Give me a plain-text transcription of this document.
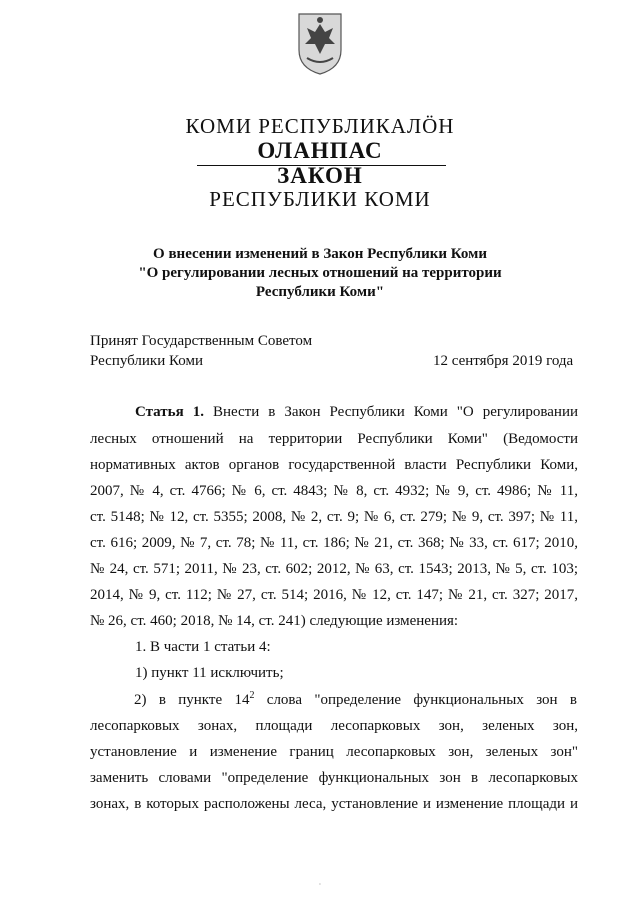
КОМИ РЕСПУБЛИКАЛӦН
ОЛАНПАС
ЗАКОН
РЕСПУБЛИКИ КОМИ
О внесении изменений в Закон Республики Коми
"О регулировании лесных отношений на территории
Республики Коми"
Принят Государственным Советом
Республики Коми	12 сентября 2019 года
Статья 1. Внести в Закон Республики Коми "О регулировании
лесных отношений на территории Республики Коми" (Ведомости
нормативных актов органов государственной власти Республики Коми,
2007, № 4, ст. 4766; № 6, ст. 4843; № 8, ст. 4932; № 9, ст. 4986; № 11,
ст. 5148; № 12, ст. 5355; 2008, № 2, ст. 9; № 6, ст. 279; № 9, ст. 397; № 11,
ст. 616; 2009, № 7, ст. 78; № 11, ст. 186; № 21, ст. 368; № 33, ст. 617; 2010,
№ 24, ст. 571; 2011, № 23, ст. 602; 2012, № 63, ст. 1543; 2013, № 5, ст. 103;
2014, № 9, ст. 112; № 27, ст. 514; 2016, № 12, ст. 147; № 21, ст. 327; 2017,
№ 26, ст. 460; 2018, № 14, ст. 241) следующие изменения:
1. В части 1 статьи 4:
1) пункт 11 исключить;
2) в пункте $14^2$ слова "определение функциональных зон в
лесопарковых зонах, площади лесопарковых зон, зеленых зон,
установление и изменение границ лесопарковых зон, зеленых зон"
заменить словами "определение функциональных зон в лесопарковых
зонах, в которых расположены леса, установление и изменение площади и
·
